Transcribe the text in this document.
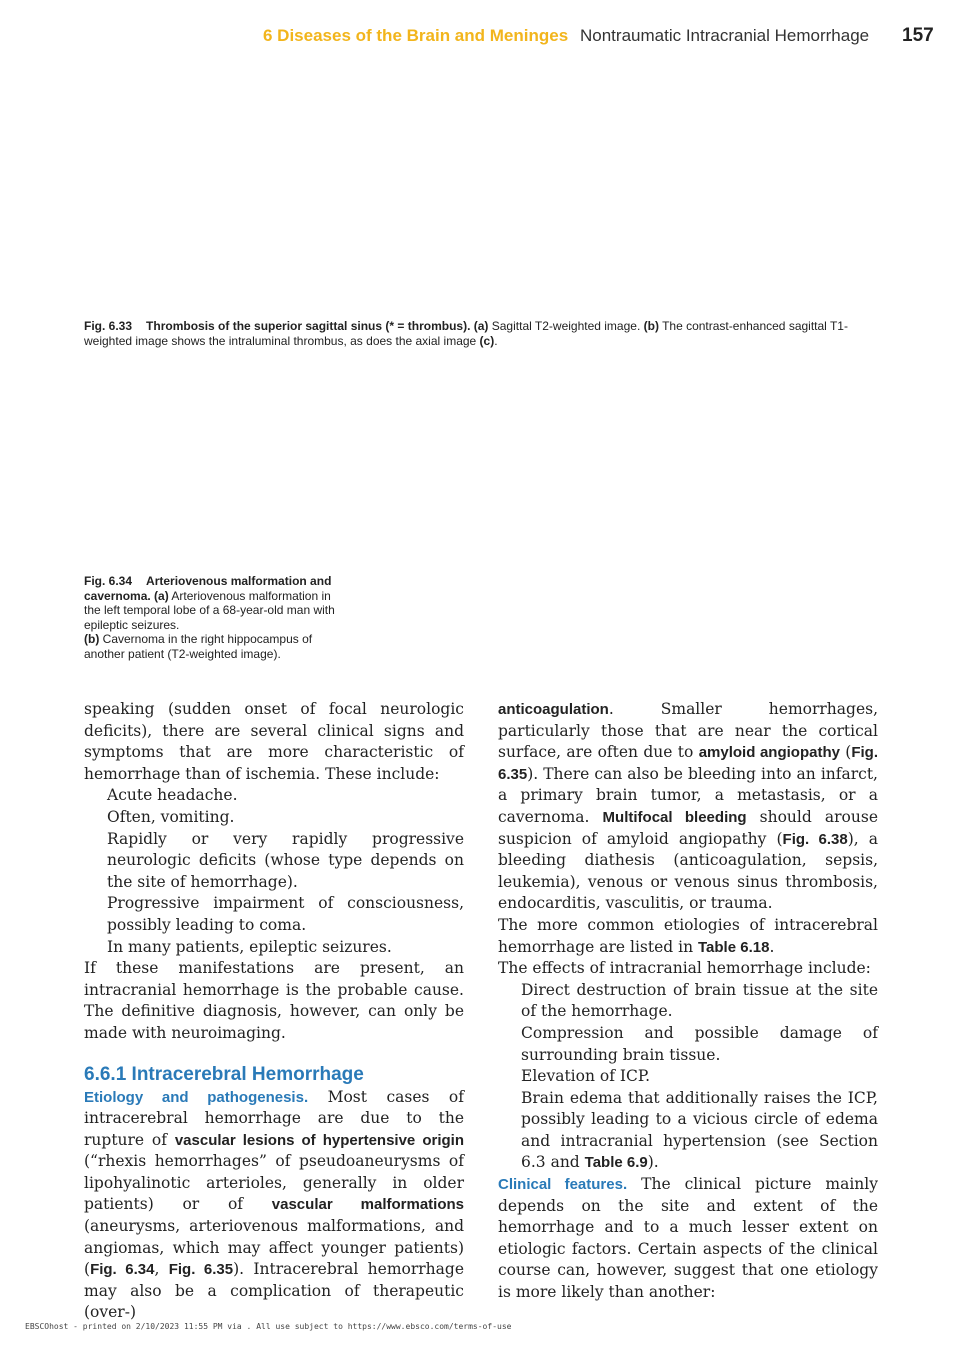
6 Diseases of the Brain and Meninges Nontraumatic Intracranial Hemorrhage 157
Fig. 6.33 Thrombosis of the superior sagittal sinus (* = thrombus). (a) Sagittal T2-weighted image. (b) The contrast-enhanced sagittal T1-weighted image shows the intraluminal thrombus, as does the axial image (c).
Fig. 6.34 Arteriovenous malformation and cavernoma. (a) Arteriovenous malformation in the left temporal lobe of a 68-year-old man with epileptic seizures.
(b) Cavernoma in the right hippocampus of another patient (T2-weighted image).

speaking (sudden onset of focal neurologic deficits), there are several clinical signs and symptoms that are more characteristic of hemorrhage than of ischemia. These include:

Acute headache.

Often, vomiting.

Rapidly or very rapidly progressive neurologic deficits (whose type depends on the site of hemorrhage).

Progressive impairment of consciousness, possibly leading to coma.

In many patients, epileptic seizures.

If these manifestations are present, an intracranial hemorrhage is the probable cause. The definitive diagnosis, however, can only be made with neuroimaging.

6.6.1 Intracerebral Hemorrhage

Etiology and pathogenesis. Most cases of intracerebral hemorrhage are due to the rupture of vascular lesions of hypertensive origin (“rhexis hemorrhages” of pseudoaneurysms of lipohyalinotic arterioles, generally in older patients) or of vascular malformations (aneurysms, arteriovenous malformations, and angiomas, which may affect younger patients) (Fig. 6.34, Fig. 6.35). Intracerebral hemorrhage may also be a complication of therapeutic (over-)

anticoagulation. Smaller hemorrhages, particularly those that are near the cortical surface, are often due to amyloid angiopathy (Fig. 6.35). There can also be bleeding into an infarct, a primary brain tumor, a metastasis, or a cavernoma. Multifocal bleeding should arouse suspicion of amyloid angiopathy (Fig. 6.38), a bleeding diathesis (anticoagulation, sepsis, leukemia), venous or venous sinus thrombosis, endocarditis, vasculitis, or trauma.

The more common etiologies of intracerebral hemorrhage are listed in Table 6.18.

The effects of intracranial hemorrhage include:

Direct destruction of brain tissue at the site of the hemorrhage.

Compression and possible damage of surrounding brain tissue.

Elevation of ICP.

Brain edema that additionally raises the ICP, possibly leading to a vicious circle of edema and intracranial hypertension (see Section 6.3 and Table 6.9).

Clinical features. The clinical picture mainly depends on the site and extent of the hemorrhage and to a much lesser extent on etiologic factors. Certain aspects of the clinical course can, however, suggest that one etiology is more likely than another:

EBSCOhost - printed on 2/10/2023 11:55 PM via . All use subject to https://www.ebsco.com/terms-of-use
